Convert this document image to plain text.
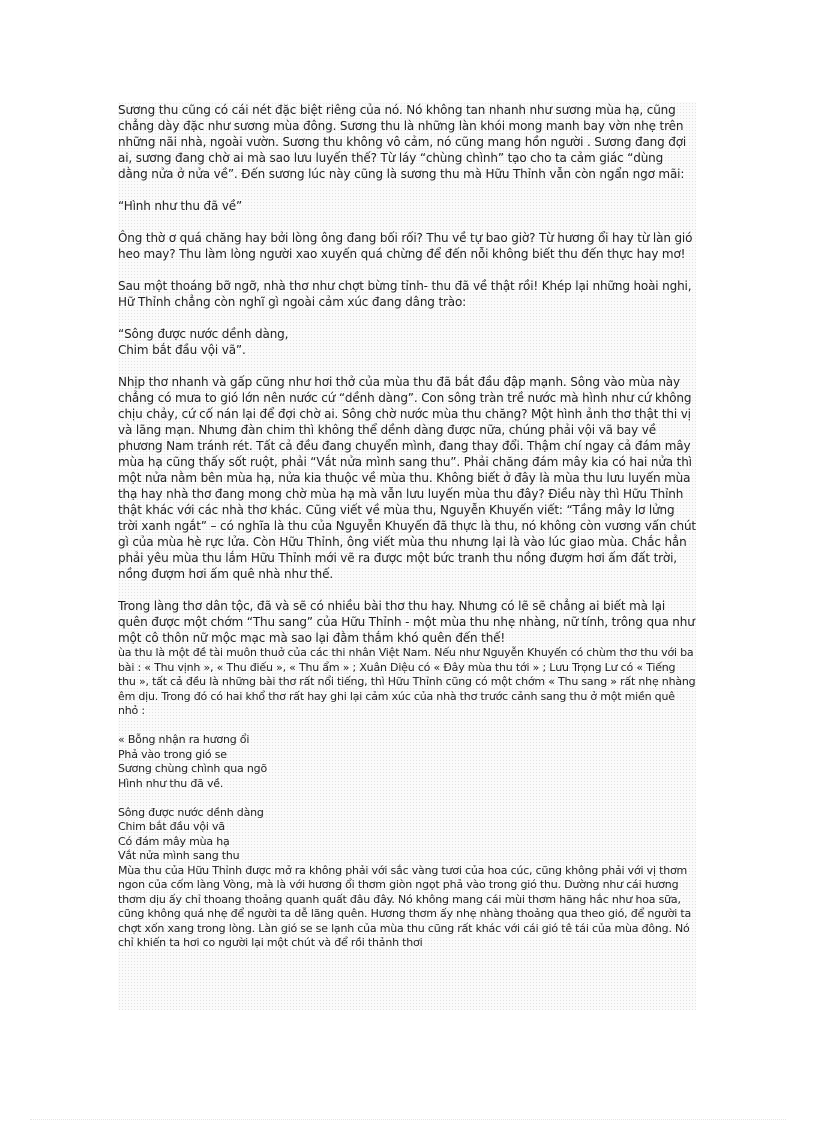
Sương thu cũng có cái nét đặc biệt riêng của nó. Nó không tan nhanh như sương mùa hạ, cũng chẳng dày đặc như sương mùa đông. Sương thu là những làn khói mong manh bay vờn nhẹ trên những nãi nhà, ngoài vườn. Sương thu không vô cảm, nó cũng mang hồn người . Sương đang đợi ai, sương đang chờ ai mà sao lưu luyến thế? Từ láy “chùng chình” tạo cho ta cảm giác “dùng dằng nửa ở nửa về”. Đến sương lúc này cũng là sương thu mà Hữu Thỉnh vẫn còn ngẩn ngơ mãi:

“Hình như thu đã về”

Ông thờ ơ quá chăng hay bởi lòng ông đang bối rối? Thu về tự bao giờ? Từ hương ổi hay từ làn gió heo may? Thu làm lòng người xao xuyến quá chừng để đến nỗi không biết thu đến thực hay mơ!

Sau một thoáng bỡ ngỡ, nhà thơ như chợt bừng tỉnh- thu đã về thật rồi! Khép lại những hoài nghi, Hữ Thỉnh chẳng còn nghĩ gì ngoài cảm xúc đang dâng trào:

“Sông được nước dềnh dàng,
Chim bắt đầu vội vã”.

Nhịp thơ nhanh và gấp cũng như hơi thở của mùa thu đã bắt đầu đập mạnh. Sông vào mùa này chẳng có mưa to gió lớn nên nước cứ “dềnh dàng”. Con sông tràn trề nước mà hình như cứ không chịu chảy, cứ cố nán lại để đợi chờ ai. Sông chờ nước mùa thu chăng? Một hình ảnh thơ thật thi vị và lãng mạn. Nhưng đàn chim thì không thể dềnh dàng được nữa, chúng phải vội vã bay về phương Nam tránh rét. Tất cả đều đang chuyển mình, đang thay đổi. Thậm chí ngay cả đám mây mùa hạ cũng thấy sốt ruột, phải “Vắt nửa mình sang thu”. Phải chăng đám mây kia có hai nửa thì một nửa nằm bên mùa hạ, nửa kia thuộc về mùa thu. Không biết ở đây là mùa thu lưu luyến mùa thạ hay nhà thơ đang mong chờ mùa hạ mà vẫn lưu luyến mùa thu đây? Điều này thì Hữu Thỉnh thật khác với các nhà thơ khác. Cũng viết về mùa thu, Nguyễn Khuyến viết: “Tầng mây lơ lửng trời xanh ngắt” – có nghĩa là thu của Nguyễn Khuyến đã thực là thu, nó không còn vương vấn chút gì của mùa hè rực lửa. Còn Hữu Thỉnh, ông viết mùa thu nhưng lại là vào lúc giao mùa. Chắc hẳn phải yêu mùa thu lắm Hữu Thỉnh mới vẽ ra được một bức tranh thu nồng đượm hơi ấm đất trời, nồng đượm hơi ấm quê nhà như thế.

Trong làng thơ dân tộc, đã và sẽ có nhiều bài thơ thu hay. Nhưng có lẽ sẽ chẳng ai biết mà lại quên được một chớm “Thu sang” của Hữu Thỉnh - một mùa thu nhẹ nhàng, nữ tính, trông qua như một cô thôn nữ mộc mạc mà sao lại đằm thắm khó quên đến thế!

ùa thu là một đề tài muôn thuở của các thi nhân Việt Nam. Nếu như Nguyễn Khuyến có chùm thơ thu với ba bài : « Thu vịnh », « Thu điếu », « Thu ẩm » ; Xuân Diệu có « Đây mùa thu tới » ; Lưu Trọng Lư có « Tiếng thu », tất cả đều là những bài thơ rất nổi tiếng, thì Hữu Thỉnh cũng có một chớm « Thu sang » rất nhẹ nhàng êm dịu. Trong đó có hai khổ thơ rất hay ghi lại cảm xúc của nhà thơ trước cảnh sang thu ở một miền quê nhỏ :

« Bỗng nhận ra hương ổi
Phả vào trong gió se
Sương chùng chình qua ngõ
Hình như thu đã về.

Sông được nước dềnh dàng
Chim bắt đầu vội vã
Có đám mây mùa hạ
Vắt nửa mình sang thu

Mùa thu của Hữu Thỉnh được mở ra không phải với sắc vàng tươi của hoa cúc, cũng không phải với vị thơm ngon của cốm làng Vòng, mà là với hương ổi thơm giòn ngọt phả vào trong gió thu. Dường như cái hương thơm dịu ấy chỉ thoang thoảng quanh quất đâu đây. Nó không mang cái mùi thơm hăng hắc như hoa sữa, cũng không quá nhẹ để người ta dễ lãng quên. Hương thơm ấy nhẹ nhàng thoảng qua theo gió, để người ta chợt xốn xang trong lòng. Làn gió se se lạnh của mùa thu cũng rất khác với cái gió tê tái của mùa đông. Nó chỉ khiến ta hơi co người lại một chút và để rồi thảnh thơi
